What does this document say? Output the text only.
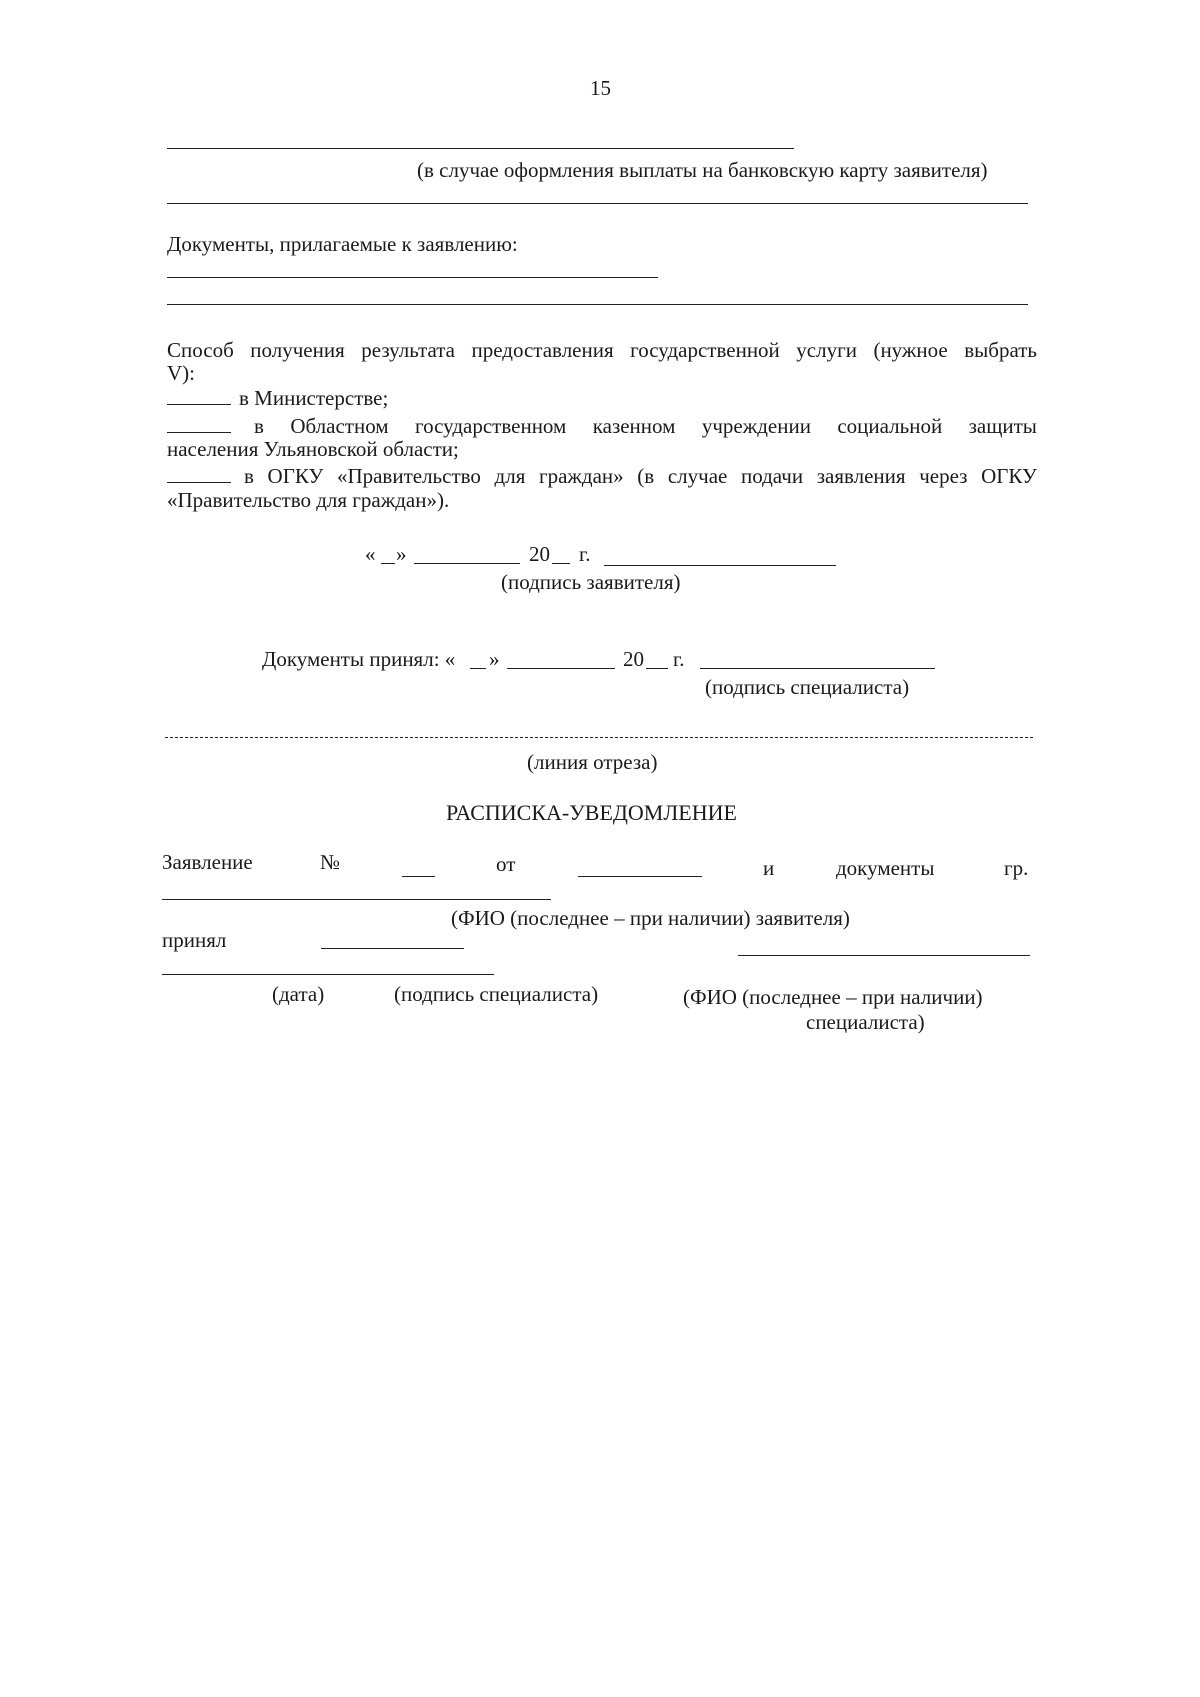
15
(в случае оформления выплаты на банковскую карту заявителя)
Документы, прилагаемые к заявлению:
Способ получения результата предоставления государственной услуги (нужное выбрать
V):
в Министерстве;
в Областном государственном казенном учреждении социальной защиты
населения Ульяновской области;
в ОГКУ «Правительство для граждан» (в случае подачи заявления через ОГКУ
«Правительство для граждан»).
« »	20 г.
(подпись заявителя)
Документы принял: « »	20 г.
(подпись специалиста)
(линия отреза)
РАСПИСКА-УВЕДОМЛЕНИЕ
Заявление	№	от	и	документы	гр.
(ФИО (последнее – при наличии) заявителя)
принял
(дата)	(подпись специалиста)	(ФИО (последнее – при наличии)
специалиста)
